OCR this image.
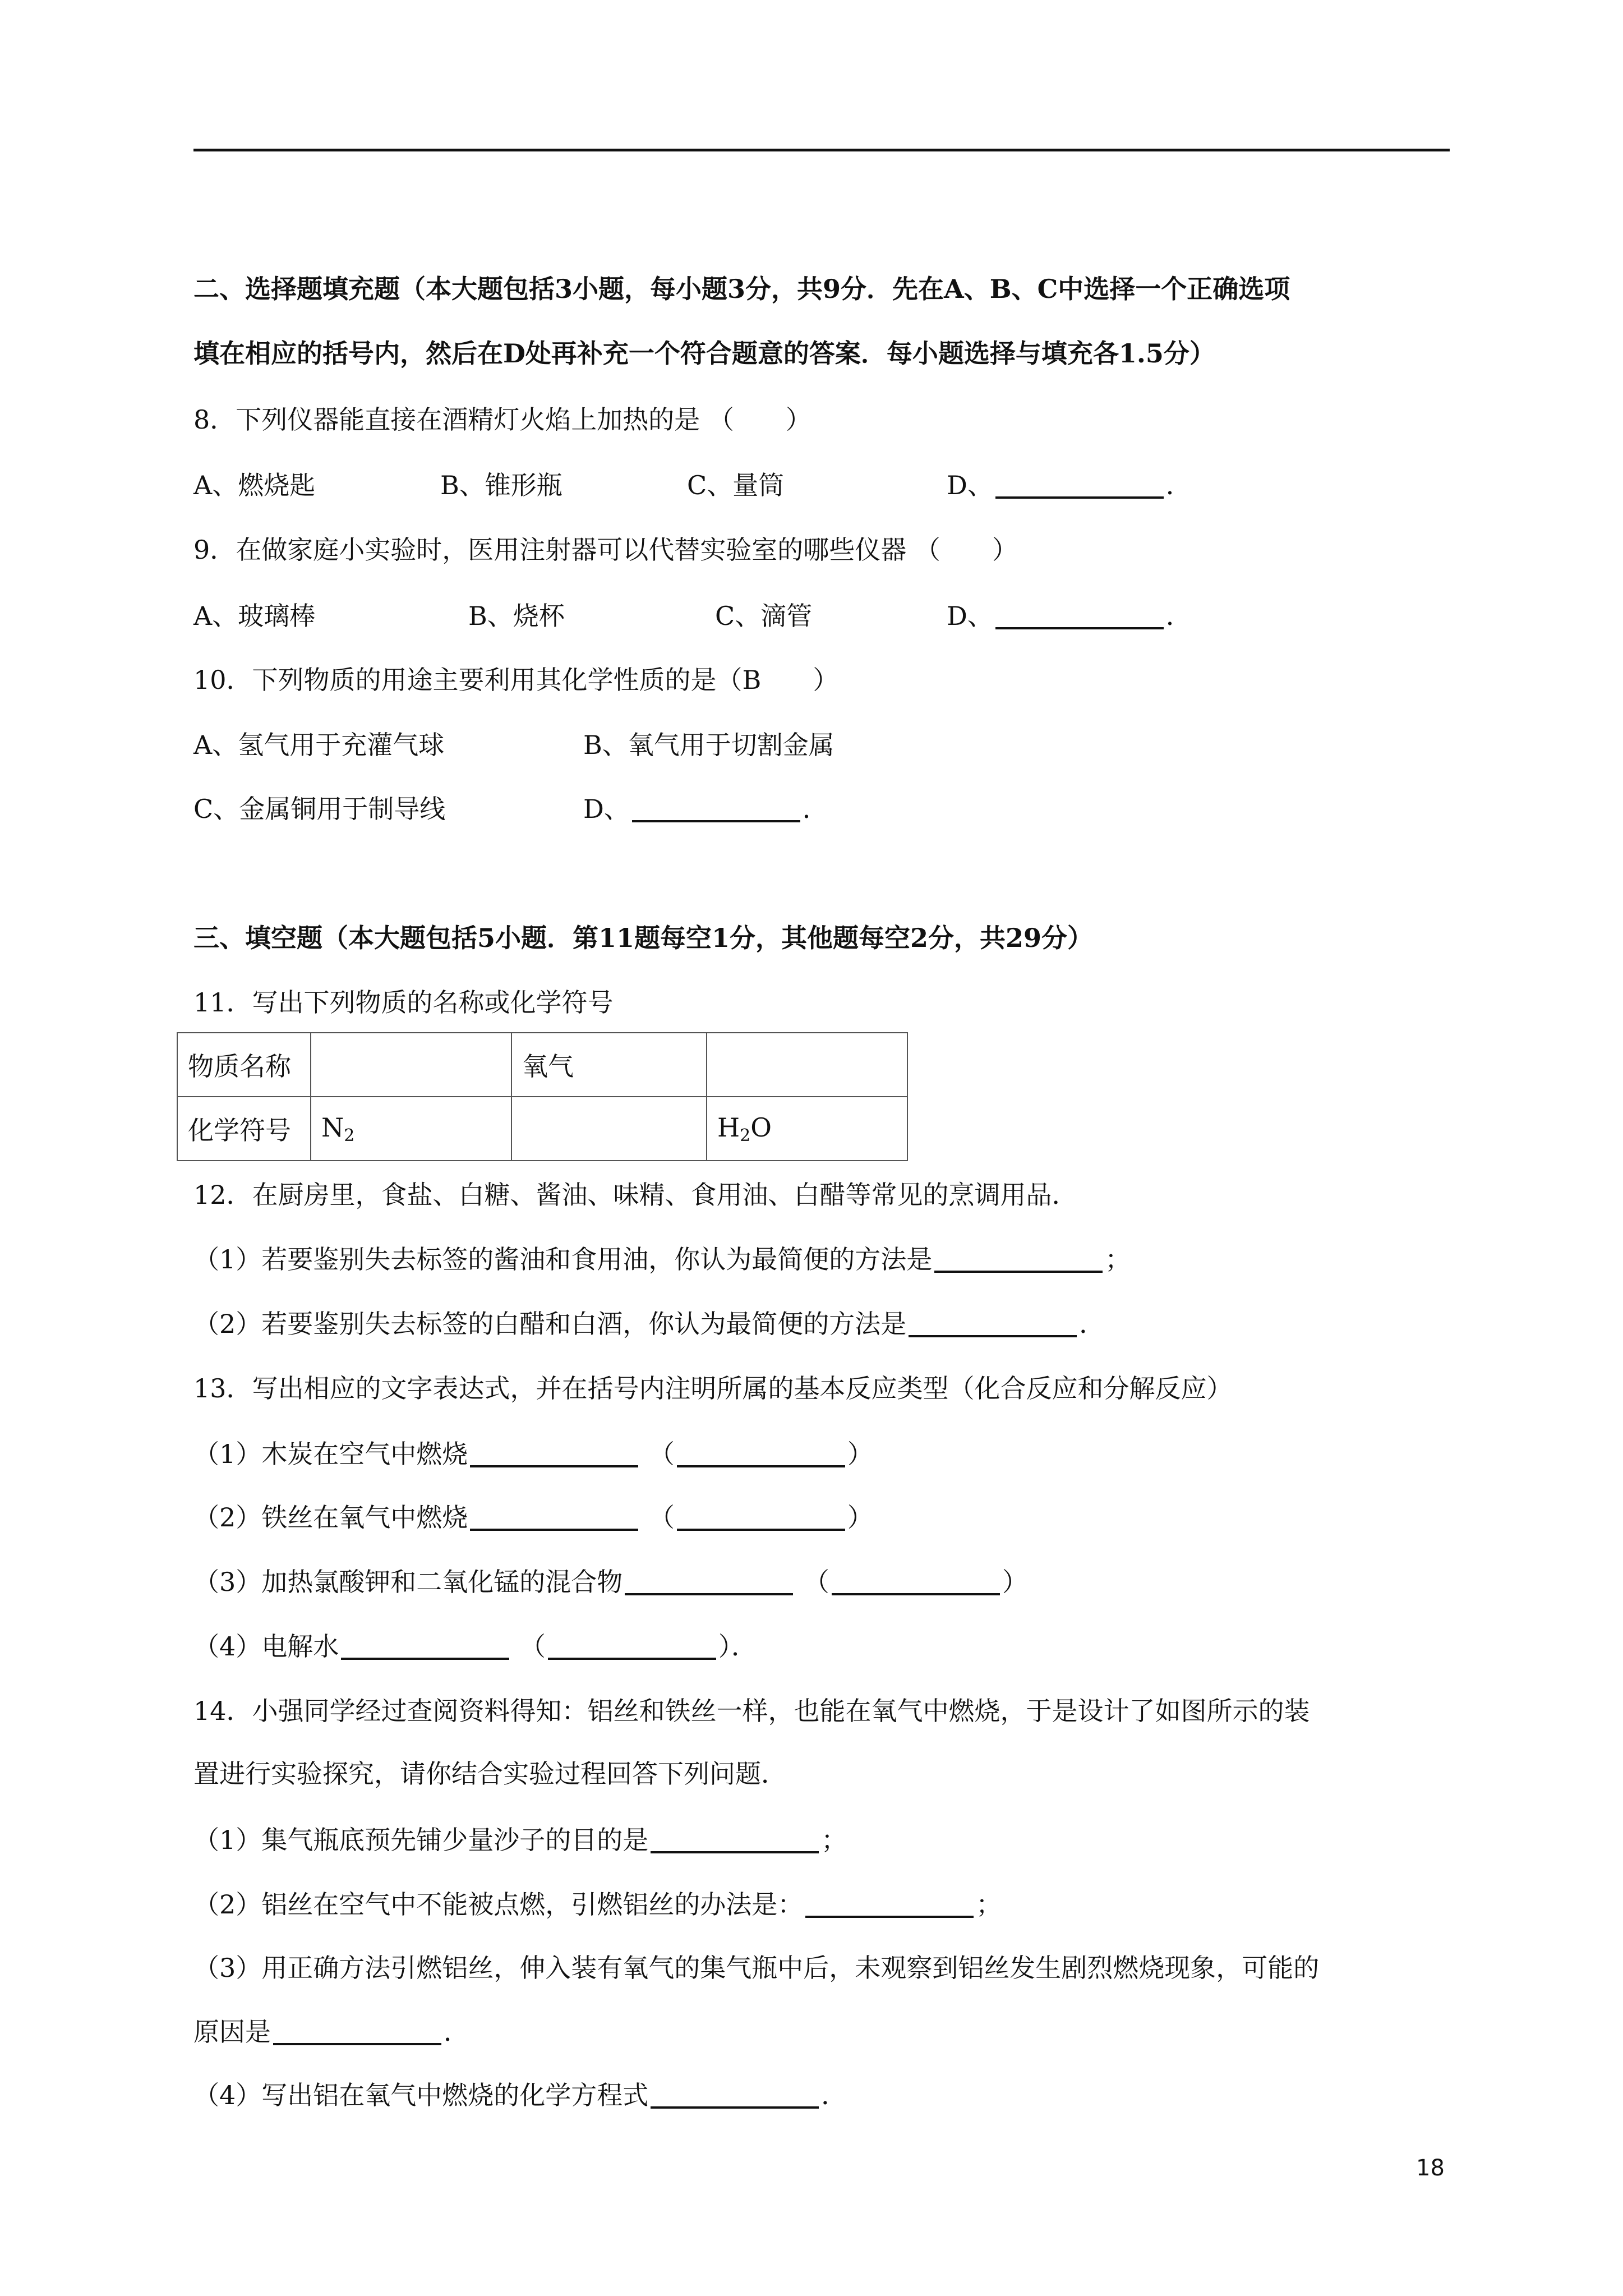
二、选择题填充题（本大题包括3小题，每小题3分，共9分．先在A、B、C中选择一个正确选项
填在相应的括号内，然后在D处再补充一个符合题意的答案．每小题选择与填充各1.5分）
8．下列仪器能直接在酒精灯火焰上加热的是 （　　）
A、燃烧匙	B、锥形瓶	C、量筒	D、	．
9．在做家庭小实验时，医用注射器可以代替实验室的哪些仪器 （　　）
A、玻璃棒	B、烧杯	C、滴管	D、	．
10．下列物质的用途主要利用其化学性质的是（B　　）
A、氢气用于充灌气球	B、氧气用于切割金属
C、金属铜用于制导线	D、	．
三、填空题（本大题包括5小题．第11题每空1分，其他题每空2分，共29分）
11．写出下列物质的名称或化学符号
物质名称		氧气	
化学符号	$N_2$		$H_2O$
12．在厨房里，食盐、白糖、酱油、味精、食用油、白醋等常见的烹调用品．
（1）若要鉴别失去标签的酱油和食用油，你认为最简便的方法是	；
（2）若要鉴别失去标签的白醋和白酒，你认为最简便的方法是	．
13．写出相应的文字表达式，并在括号内注明所属的基本反应类型（化合反应和分解反应）
（1）木炭在空气中燃烧	（	）
（2）铁丝在氧气中燃烧	（	）
（3）加热氯酸钾和二氧化锰的混合物	（	）
（4）电解水	（	）．
14．小强同学经过查阅资料得知：铝丝和铁丝一样，也能在氧气中燃烧，于是设计了如图所示的装
置进行实验探究，请你结合实验过程回答下列问题．
（1）集气瓶底预先铺少量沙子的目的是	；
（2）铝丝在空气中不能被点燃，引燃铝丝的办法是：	；
（3）用正确方法引燃铝丝，伸入装有氧气的集气瓶中后，未观察到铝丝发生剧烈燃烧现象，可能的
原因是	．
（4）写出铝在氧气中燃烧的化学方程式	．
18
